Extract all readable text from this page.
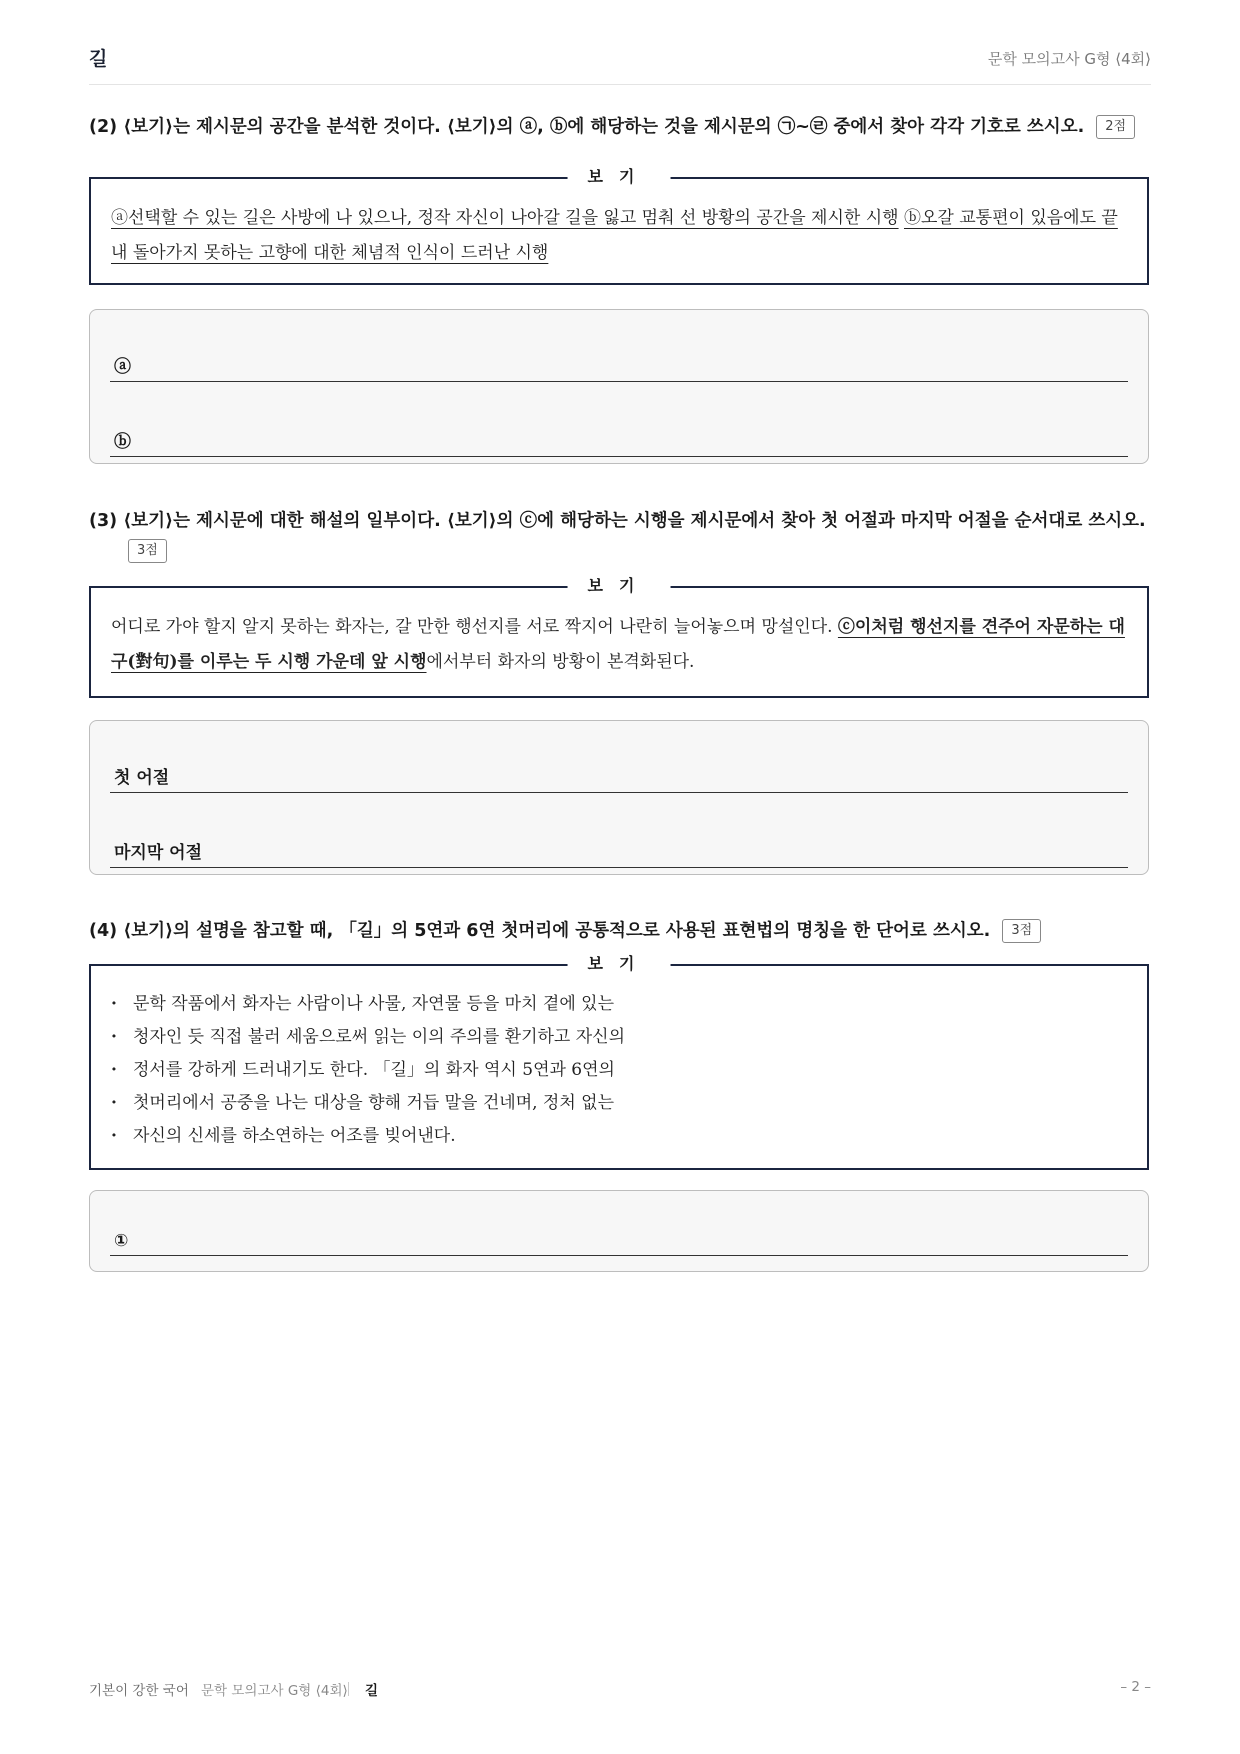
길	문학 모의고사 G형 ⟨4회⟩
(2) ⟨보기⟩는 제시문의 공간을 분석한 것이다. ⟨보기⟩의 ⓐ, ⓑ에 해당하는 것을 제시문의 ㉠~㉣ 중에서 찾아 각각 기호로 쓰시오. 2점
보기
ⓐ선택할 수 있는 길은 사방에 나 있으나, 정작 자신이 나아갈 길을 잃고 멈춰 선 방황의 공간을 제시한 시행 ⓑ오갈 교통편이 있음에도 끝내 돌아가지 못하는 고향에 대한 체념적 인식이 드러난 시행
ⓐ
ⓑ
(3) ⟨보기⟩는 제시문에 대한 해설의 일부이다. ⟨보기⟩의 ⓒ에 해당하는 시행을 제시문에서 찾아 첫 어절과 마지막 어절을 순서대로 쓰시오.
3점
보기
어디로 가야 할지 알지 못하는 화자는, 갈 만한 행선지를 서로 짝지어 나란히 늘어놓으며 망설인다. ⓒ이처럼 행선지를 견주어 자문하는 대구(對句)를 이루는 두 시행 가운데 앞 시행에서부터 화자의 방황이 본격화된다.
첫 어절
마지막 어절
(4) ⟨보기⟩의 설명을 참고할 때, 「길」의 5연과 6연 첫머리에 공통적으로 사용된 표현법의 명칭을 한 단어로 쓰시오. 3점
보기
· 문학 작품에서 화자는 사람이나 사물, 자연물 등을 마치 곁에 있는
· 청자인 듯 직접 불러 세움으로써 읽는 이의 주의를 환기하고 자신의
· 정서를 강하게 드러내기도 한다. 「길」의 화자 역시 5연과 6연의
· 첫머리에서 공중을 나는 대상을 향해 거듭 말을 건네며, 정처 없는
· 자신의 신세를 하소연하는 어조를 빚어낸다.
①
기본이 강한 국어 문학 모의고사 G형 ⟨4회⟩ 길	– 2 –
